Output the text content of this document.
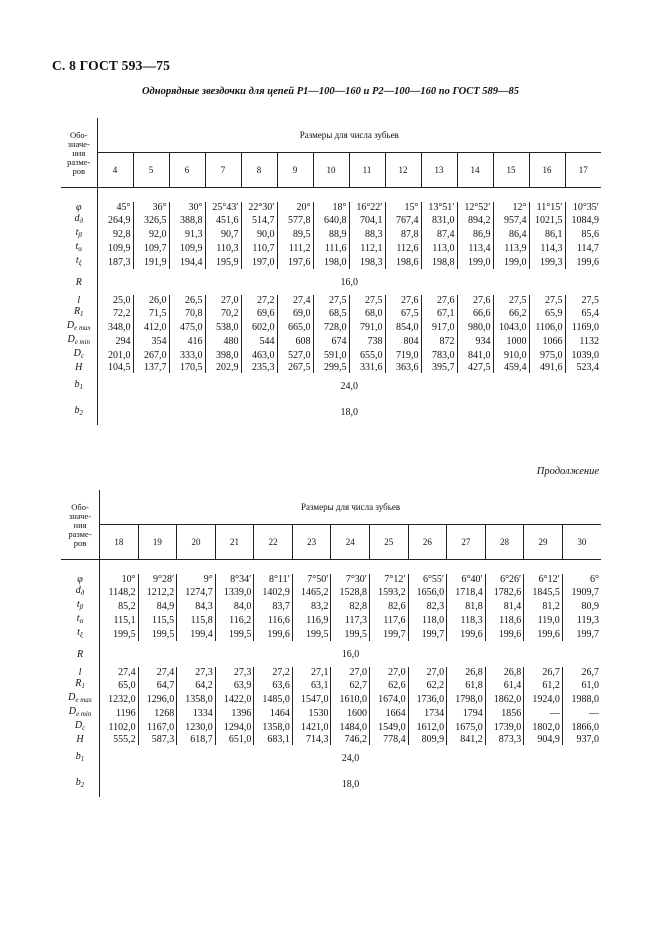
С. 8 ГОСТ 593—75
Однорядные звездочки для цепей Р1—100—160 и Р2—100—160 по ГОСТ 589—85
Обо-
значе-
ния
разме-
ров	Размеры для числа зубьев													
	4	5	6	7	8	9	10	11	12	13	14	15	16	17

φ	45°	36°	30°	25°43′	22°30′	20°	18°	16°22′	15°	13°51′	12°52′	12°	11°15′	10°35′
$d_д$	264,9	326,5	388,8	451,6	514,7	577,8	640,8	704,1	767,4	831,0	894,2	957,4	1021,5	1084,9
$t_\beta$	92,8	92,0	91,3	90,7	90,0	89,5	88,9	88,3	87,8	87,4	86,9	86,4	86,1	85,6
$t_\alpha$	109,9	109,7	109,9	110,3	110,7	111,2	111,6	112,1	112,6	113,0	113,4	113,9	114,3	114,7
$t_\xi$	187,3	191,9	194,4	195,9	197,0	197,6	198,0	198,3	198,6	198,8	199,0	199,0	199,3	199,6
R	16,0													
l	25,0	26,0	26,5	27,0	27,2	27,4	27,5	27,5	27,6	27,6	27,6	27,5	27,5	27,5
$R_1$	72,2	71,5	70,8	70,2	69,6	69,0	68,5	68,0	67,5	67,1	66,6	66,2	65,9	65,4
$D_{e max}$	348,0	412,0	475,0	538,0	602,0	665,0	728,0	791,0	854,0	917,0	980,0	1043,0	1106,0	1169,0
$D_{e min}$	294	354	416	480	544	608	674	738	804	872	934	1000	1066	1132
$D_c$	201,0	267,0	333,0	398,0	463,0	527,0	591,0	655,0	719,0	783,0	841,0	910,0	975,0	1039,0
H	104,5	137,7	170,5	202,9	235,3	267,5	299,5	331,6	363,6	395,7	427,5	459,4	491,6	523,4
$b_1$	24,0													
$b_2$	18,0													
Продолжение
Обо-
значе-
ния
разме-
ров	Размеры для числа зубьев												
	18	19	20	21	22	23	24	25	26	27	28	29	30

φ	10°	9°28′	9°	8°34′	8°11′	7°50′	7°30′	7°12′	6°55′	6°40′	6°26′	6°12′	6°
$d_д$	1148,2	1212,2	1274,7	1339,0	1402,9	1465,2	1528,8	1593,2	1656,0	1718,4	1782,6	1845,5	1909,7
$t_\beta$	85,2	84,9	84,3	84,0	83,7	83,2	82,8	82,6	82,3	81,8	81,4	81,2	80,9
$t_\alpha$	115,1	115,5	115,8	116,2	116,6	116,9	117,3	117,6	118,0	118,3	118,6	119,0	119,3
$t_\xi$	199,5	199,5	199,4	199,5	199,6	199,5	199,5	199,7	199,7	199,6	199,6	199,6	199,7
R	16,0												
l	27,4	27,4	27,3	27,3	27,2	27,1	27,0	27,0	27,0	26,8	26,8	26,7	26,7
$R_1$	65,0	64,7	64,2	63,9	63,6	63,1	62,7	62,6	62,2	61,8	61,4	61,2	61,0
$D_{e max}$	1232,0	1296,0	1358,0	1422,0	1485,0	1547,0	1610,0	1674,0	1736,0	1798,0	1862,0	1924,0	1988,0
$D_{e min}$	1196	1268	1334	1396	1464	1530	1600	1664	1734	1794	1856	—	—
$D_c$	1102,0	1167,0	1230,0	1294,0	1358,0	1421,0	1484,0	1549,0	1612,0	1675,0	1739,0	1802,0	1866,0
H	555,2	587,3	618,7	651,0	683,1	714,3	746,2	778,4	809,9	841,2	873,3	904,9	937,0
$b_1$	24,0												
$b_2$	18,0												
